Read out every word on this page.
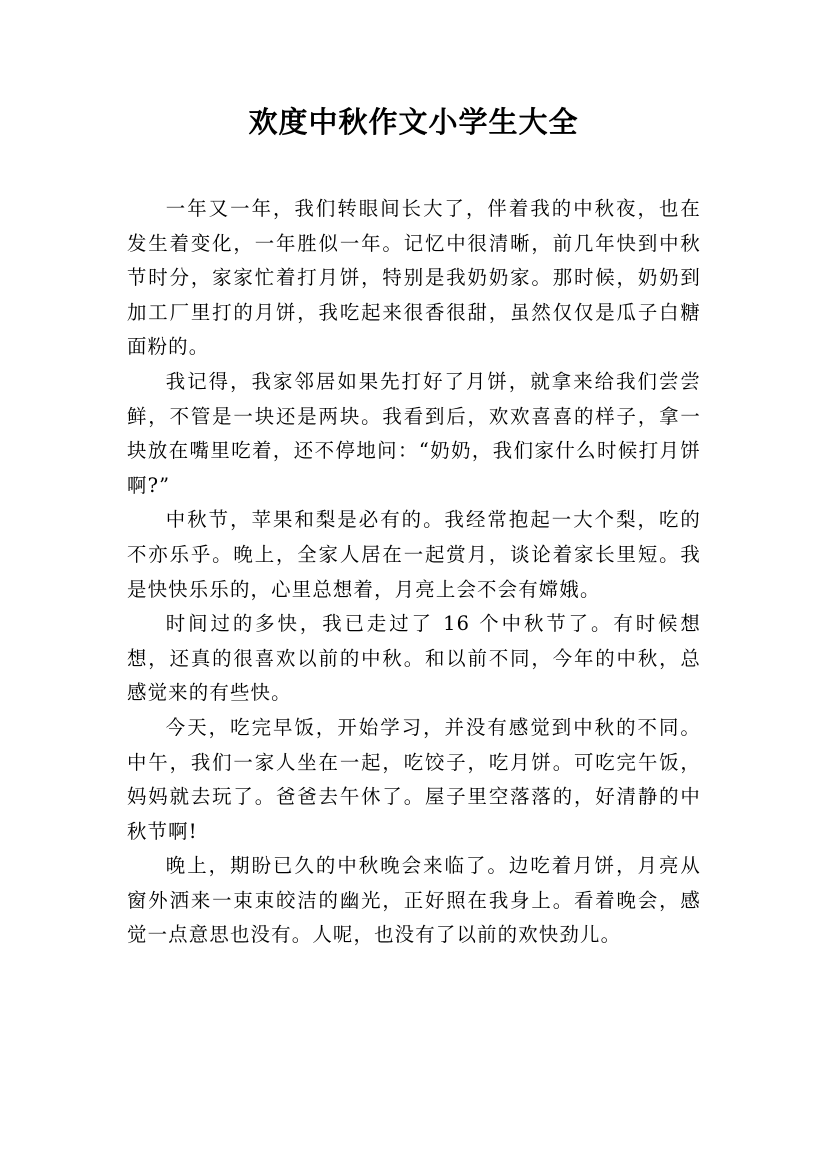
欢度中秋作文小学生大全

一年又一年，我们转眼间长大了，伴着我的中秋夜，也在发生着变化，一年胜似一年。记忆中很清晰，前几年快到中秋节时分，家家忙着打月饼，特别是我奶奶家。那时候，奶奶到加工厂里打的月饼，我吃起来很香很甜，虽然仅仅是瓜子白糖面粉的。

我记得，我家邻居如果先打好了月饼，就拿来给我们尝尝鲜，不管是一块还是两块。我看到后，欢欢喜喜的样子，拿一块放在嘴里吃着，还不停地问：“奶奶，我们家什么时候打月饼啊?”

中秋节，苹果和梨是必有的。我经常抱起一大个梨，吃的不亦乐乎。晚上，全家人居在一起赏月，谈论着家长里短。我是快快乐乐的，心里总想着，月亮上会不会有嫦娥。

时间过的多快，我已走过了 16 个中秋节了。有时候想想，还真的很喜欢以前的中秋。和以前不同，今年的中秋，总感觉来的有些快。

今天，吃完早饭，开始学习，并没有感觉到中秋的不同。中午，我们一家人坐在一起，吃饺子，吃月饼。可吃完午饭，妈妈就去玩了。爸爸去午休了。屋子里空落落的，好清静的中秋节啊!

晚上，期盼已久的中秋晚会来临了。边吃着月饼，月亮从窗外洒来一束束皎洁的幽光，正好照在我身上。看着晚会，感觉一点意思也没有。人呢，也没有了以前的欢快劲儿。
